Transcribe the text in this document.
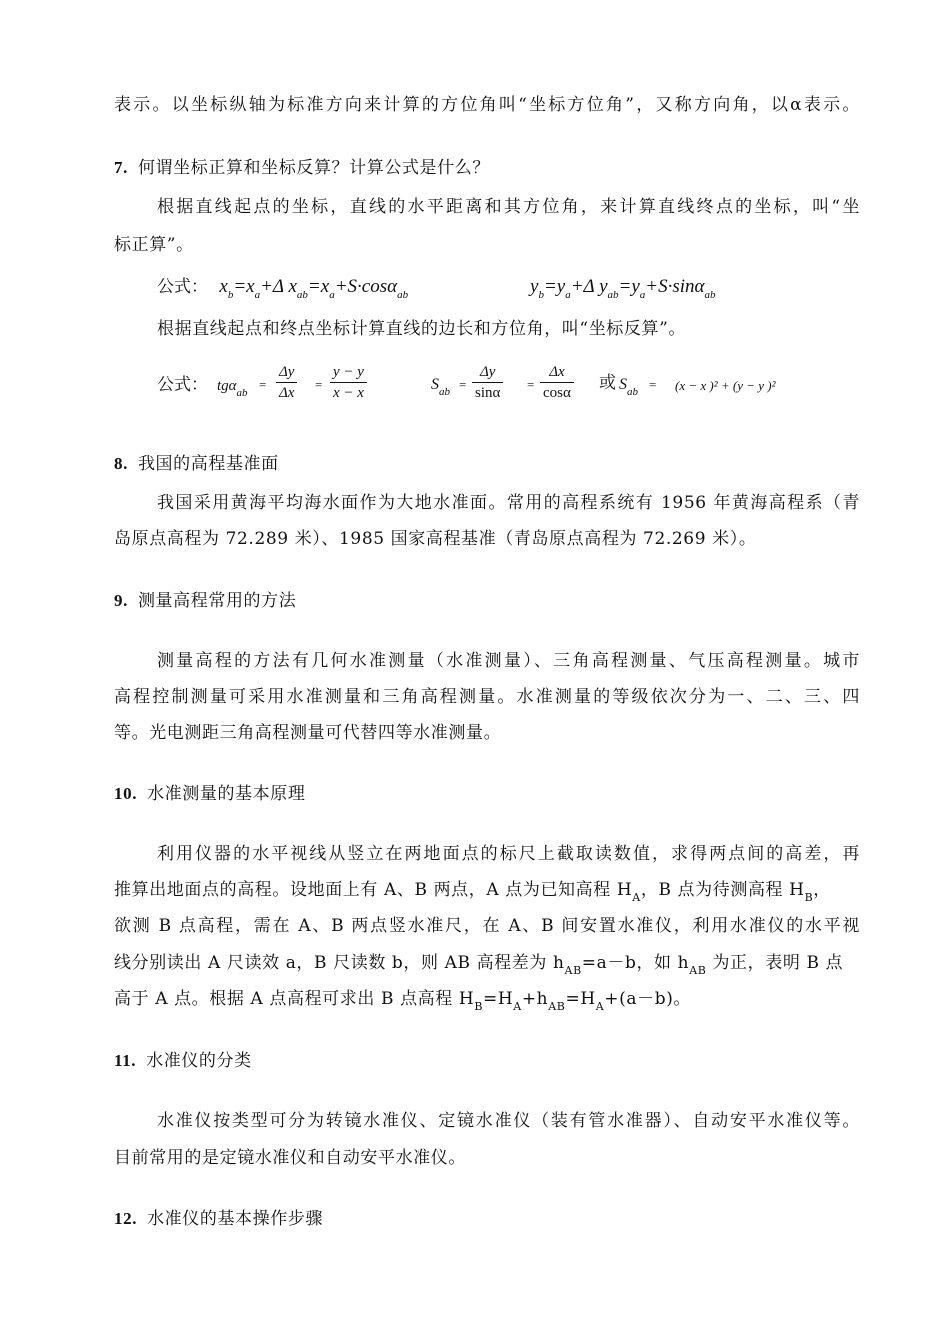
表示。以坐标纵轴为标准方向来计算的方位角叫“坐标方位角”，又称方向角，以α表示。
7. 何谓坐标正算和坐标反算？计算公式是什么？
根据直线起点的坐标，直线的水平距离和其方位角，来计算直线终点的坐标，叫“坐
标正算”。
公式： $x_b=x_a+\Delta$ $x_{ab}=x_a+S\cdot\cos\alpha_{ab}$	$y_b=y_a+\Delta$ $y_{ab}=y_a+S\cdot\sin\alpha_{ab}$
根据直线起点和终点坐标计算直线的边长和方位角，叫“坐标反算”。
公式： tgα$_{ab}$
= $\frac{\Delta y}{\Delta x} = \frac{y - y}{x - x}$	$S_{ab} = \frac{\Delta y}{\sin\alpha} = \frac{\Delta x}{\cos\alpha}$ 或 $S_{ab} = (x - x$ )² + (y − y )²
8. 我国的高程基准面
我国采用黄海平均海水面作为大地水准面。常用的高程系统有 1956 年黄海高程系（青
岛原点高程为 72.289 米）、1985 国家高程基准（青岛原点高程为 72.269 米）。
9. 测量高程常用的方法
测量高程的方法有几何水准测量（水准测量）、三角高程测量、气压高程测量。城市
高程控制测量可采用水准测量和三角高程测量。水准测量的等级依次分为一、二、三、四
等。光电测距三角高程测量可代替四等水准测量。
10. 水准测量的基本原理
利用仪器的水平视线从竖立在两地面点的标尺上截取读数值，求得两点间的高差，再
推算出地面点的高程。设地面上有 A、B 两点，A 点为已知高程 $H_A$，B 点为待测高程 $H_B$，
欲测 B 点高程，需在 A、B 两点竖水准尺，在 A、B 间安置水准仪，利用水准仪的水平视
线分别读出 A 尺读效 a，B 尺读数 b，则 AB 高程差为 $h_{AB}=a-b$，如 $h_{AB}$ 为正，表明 B 点
高于 A 点。根据 A 点高程可求出 B 点高程 $H_B=H_A+h_{AB}=H_A+(a-b)$。
11. 水准仪的分类
水准仪按类型可分为转镜水准仪、定镜水准仪（装有管水准器）、自动安平水准仪等。
目前常用的是定镜水准仪和自动安平水准仪。
12. 水准仪的基本操作步骤
